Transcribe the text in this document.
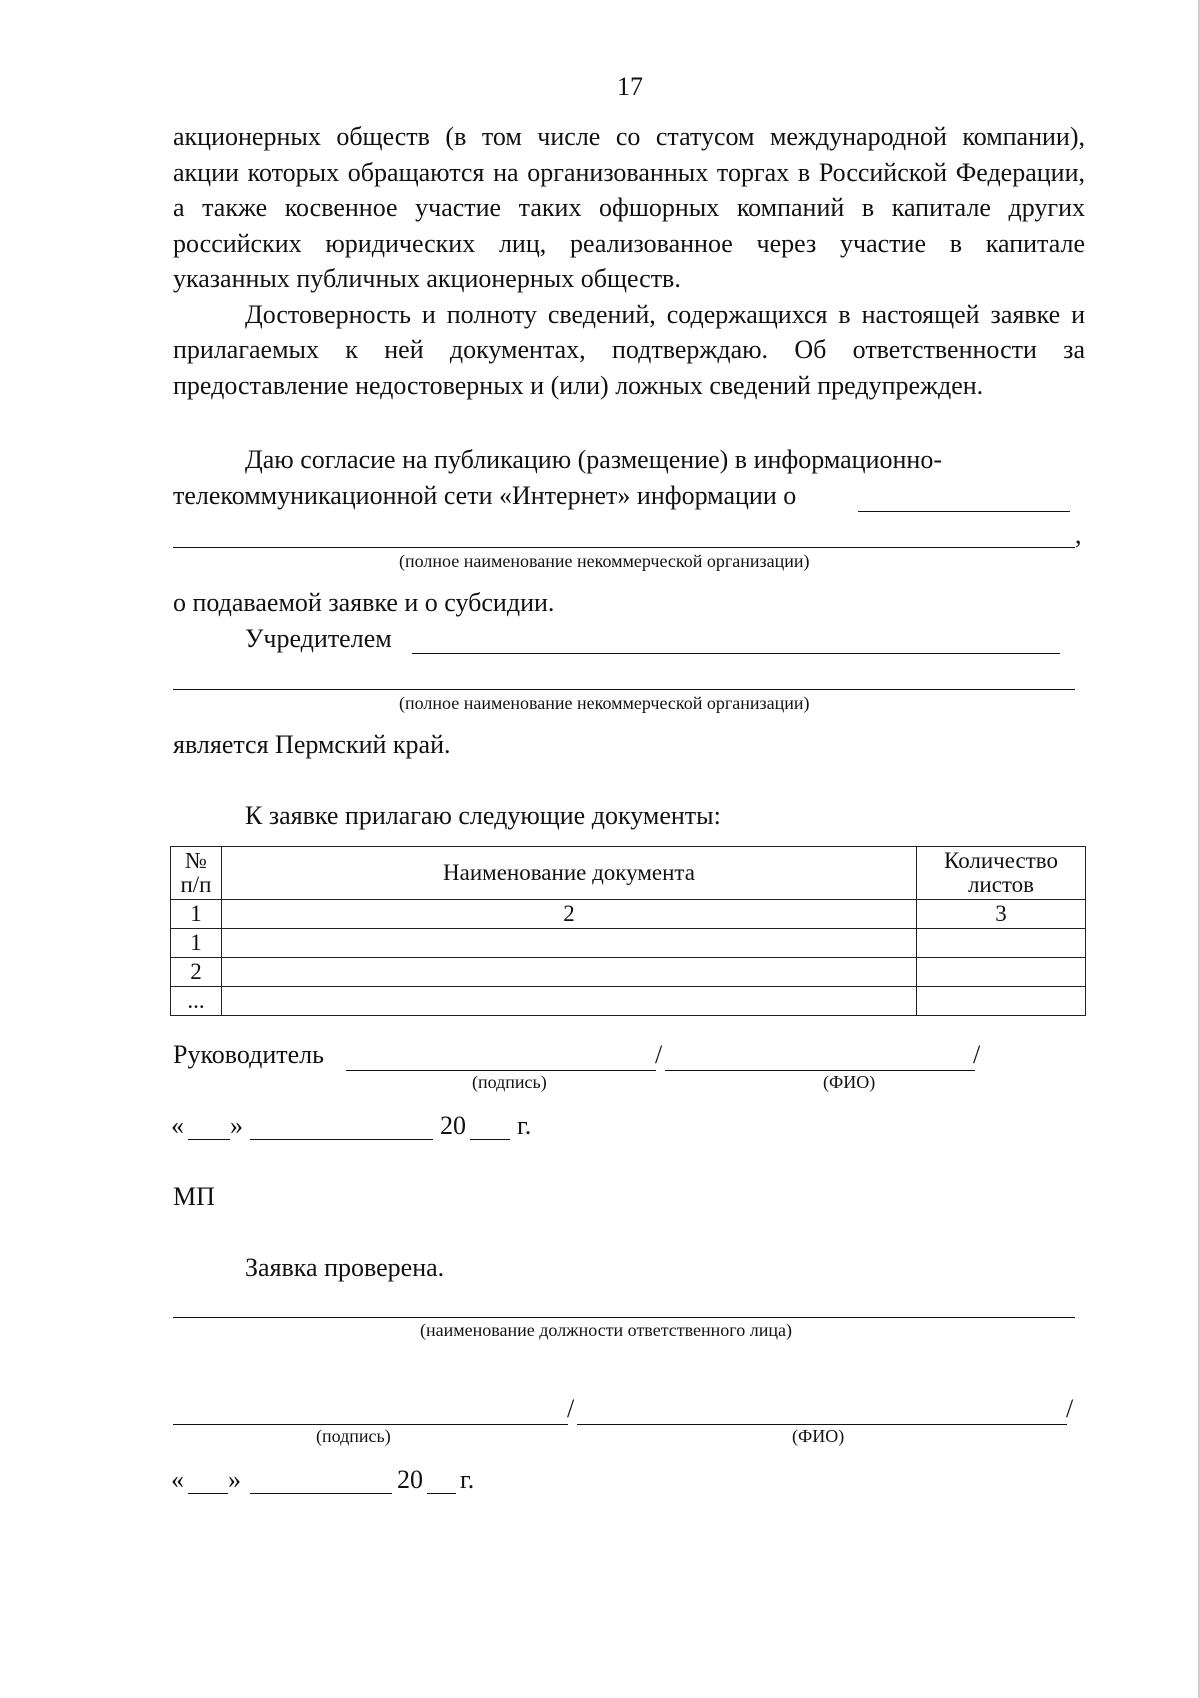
17

акционерных обществ (в том числе со статусом международной компании), акции которых обращаются на организованных торгах в Российской Федерации, а также косвенное участие таких офшорных компаний в капитале других российских юридических лиц, реализованное через участие в капитале указанных публичных акционерных обществ.

Достоверность и полноту сведений, содержащихся в настоящей заявке и прилагаемых к ней документах, подтверждаю. Об ответственности за предоставление недостоверных и (или) ложных сведений предупрежден.

Даю согласие на публикацию (размещение) в информационно-
телекоммуникационной сети «Интернет» информации о
,
(полное наименование некоммерческой организации)
о подаваемой заявке и о субсидии.
Учредителем
(полное наименование некоммерческой организации)
является Пермский край.
К заявке прилагаю следующие документы:
№
п/п	Наименование документа	Количество листов
1	2	3
1		
2		
...		
Руководитель	/	/
(подпись)	(ФИО)
« »	20 г.
МП
Заявка проверена.
(наименование должности ответственного лица)
/	/
(подпись)	(ФИО)
« »	20 г.
